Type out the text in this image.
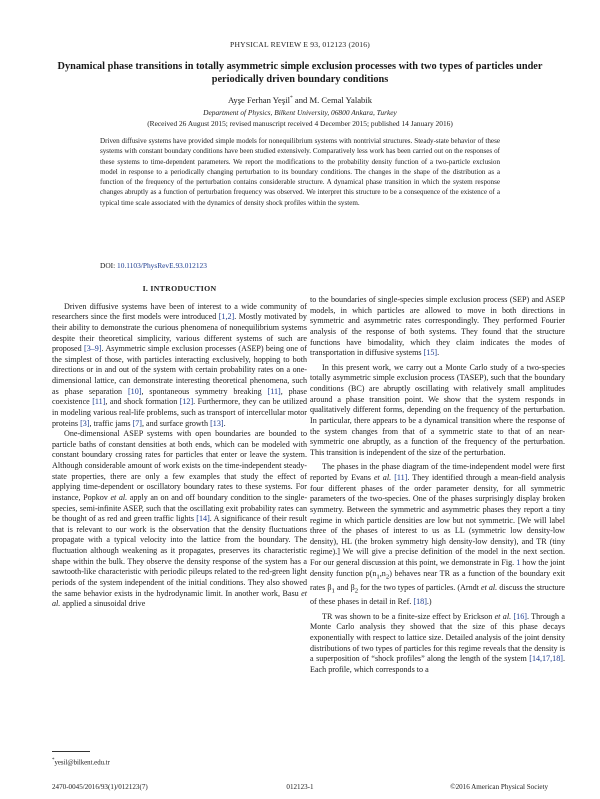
PHYSICAL REVIEW E 93, 012123 (2016)
Dynamical phase transitions in totally asymmetric simple exclusion processes with two types of particles under periodically driven boundary conditions
Ayşe Ferhan Yeşil* and M. Cemal Yalabik
Department of Physics, Bilkent University, 06800 Ankara, Turkey
(Received 26 August 2015; revised manuscript received 4 December 2015; published 14 January 2016)

Driven diffusive systems have provided simple models for nonequilibrium systems with nontrivial structures. Steady-state behavior of these systems with constant boundary conditions have been studied extensively. Comparatively less work has been carried out on the responses of these systems to time-dependent parameters. We report the modifications to the probability density function of a two-particle exclusion model in response to a periodically changing perturbation to its boundary conditions. The changes in the shape of the distribution as a function of the frequency of the perturbation contains considerable structure. A dynamical phase transition in which the system response changes abruptly as a function of perturbation frequency was observed. We interpret this structure to be a consequence of the existence of a typical time scale associated with the dynamics of density shock profiles within the system.

DOI: 10.1103/PhysRevE.93.012123

I. INTRODUCTION

Driven diffusive systems have been of interest to a wide community of researchers since the first models were introduced [1,2]. Mostly motivated by their ability to demonstrate the curious phenomena of nonequilibrium systems despite their theoretical simplicity, various different systems of such are proposed [3–9]. Asymmetric simple exclusion processes (ASEP) being one of the simplest of those, with particles interacting exclusively, hopping to both directions or in and out of the system with certain probability rates on a one-dimensional lattice, can demonstrate interesting theoretical phenomena, such as phase separation [10], spontaneous symmetry breaking [11], phase coexistence [11], and shock formation [12]. Furthermore, they can be utilized in modeling various real-life problems, such as transport of intercellular motor proteins [3], traffic jams [7], and surface growth [13].

One-dimensional ASEP systems with open boundaries are bounded to particle baths of constant densities at both ends, which can be modeled with constant boundary crossing rates for particles that enter or leave the system. Although considerable amount of work exists on the time-independent steady-state properties, there are only a few examples that study the effect of applying time-dependent or oscillatory boundary rates to these systems. For instance, Popkov et al. apply an on and off boundary condition to the single-species, semi-infinite ASEP, such that the oscillating exit probability rates can be thought of as red and green traffic lights [14]. A significance of their result that is relevant to our work is the observation that the density fluctuations propagate with a typical velocity into the lattice from the boundary. The fluctuation although weakening as it propagates, preserves its characteristic shape within the bulk. They observe the density response of the system has a sawtooth-like characteristic with periodic pileups related to the red-green light periods of the system independent of the initial conditions. They also showed the same behavior exists in the hydrodynamic limit. In another work, Basu et al. applied a sinusoidal drive

to the boundaries of single-species simple exclusion process (SEP) and ASEP models, in which particles are allowed to move in both directions in symmetric and asymmetric rates correspondingly. They performed Fourier analysis of the response of both systems. They found that the structure functions have bimodality, which they claim indicates the modes of transportation in diffusive systems [15].

In this present work, we carry out a Monte Carlo study of a two-species totally asymmetric simple exclusion process (TASEP), such that the boundary conditions (BC) are abruptly oscillating with relatively small amplitudes around a phase transition point. We show that the system responds in qualitatively different forms, depending on the frequency of the perturbation. In particular, there appears to be a dynamical transition where the response of the system changes from that of a symmetric state to that of an near-symmetric one abruptly, as a function of the frequency of the perturbation. This transition is independent of the size of the perturbation.

The phases in the phase diagram of the time-independent model were first reported by Evans et al. [11]. They identified through a mean-field analysis four different phases of the order parameter density, for all symmetric parameters of the two-species. One of the phases surprisingly display broken symmetry. Between the symmetric and asymmetric phases they report a tiny regime in which particle densities are low but not symmetric. [We will label three of the phases of interest to us as LL (symmetric low density-low density), HL (the broken symmetry high density-low density), and TR (tiny regime).] We will give a precise definition of the model in the next section. For our general discussion at this point, we demonstrate in Fig. 1 how the joint density function $p(n_1,n_2)$ behaves near TR as a function of the boundary exit rates $\beta_1$ and $\beta_2$ for the two types of particles. (Arndt et al. discuss the structure of these phases in detail in Ref. [18].)

TR was shown to be a finite-size effect by Erickson et al. [16]. Through a Monte Carlo analysis they showed that the size of this phase decays exponentially with respect to lattice size. Detailed analysis of the joint density distributions of two types of particles for this regime reveals that the density is a superposition of “shock profiles” along the length of the system [14,17,18]. Each profile, which corresponds to a

*yesil@bilkent.edu.tr
2470-0045/2016/93(1)/012123(7)	012123-1	©2016 American Physical Society
